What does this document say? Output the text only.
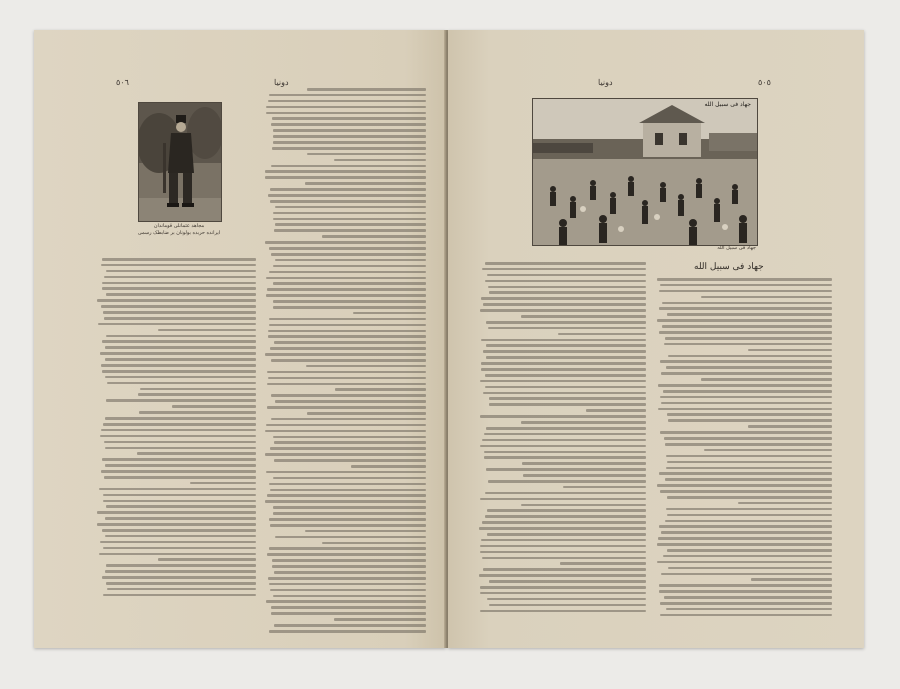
٥٠٦	دونيا
مجاهد عثمانلی قوماندان
ایرانده حربده بولونان بر ضابطک رسمی
٥٠٥
دونيا
جهاد فی سبیل الله
جهاد فی سبیل الله
جهاد فی سبیل الله
